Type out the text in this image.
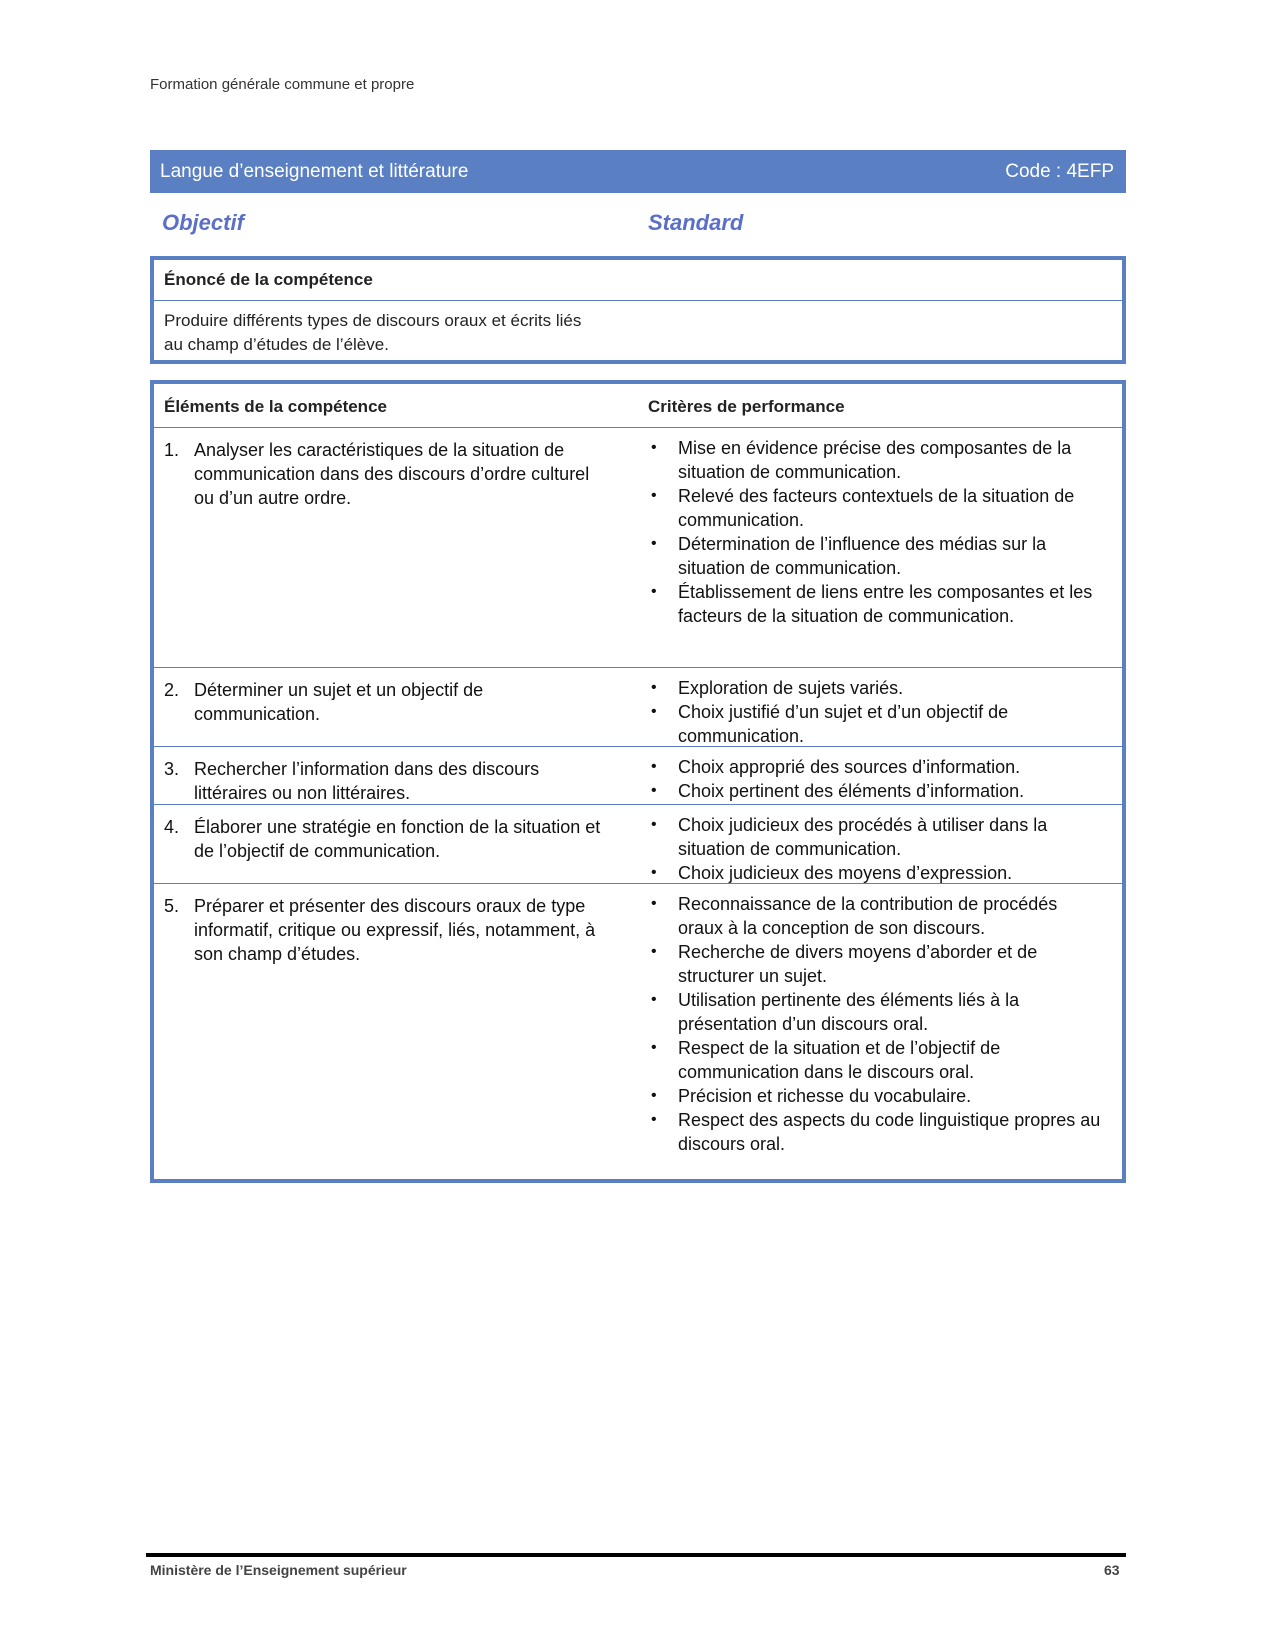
Formation générale commune et propre
Langue d’enseignement et littérature	Code : 4EFP
Objectif	Standard
Énoncé de la compétence
Produire différents types de discours oraux et écrits liés au champ d’études de l’élève.
Éléments de la compétence	Critères de performance
1. Analyser les caractéristiques de la situation de communication dans des discours d’ordre culturel ou d’un autre ordre.
• Mise en évidence précise des composantes de la situation de communication.
• Relevé des facteurs contextuels de la situation de communication.
• Détermination de l’influence des médias sur la situation de communication.
• Établissement de liens entre les composantes et les facteurs de la situation de communication.
2. Déterminer un sujet et un objectif de communication.
• Exploration de sujets variés.
• Choix justifié d’un sujet et d’un objectif de communication.
3. Rechercher l’information dans des discours littéraires ou non littéraires.
• Choix approprié des sources d’information.
• Choix pertinent des éléments d’information.
4. Élaborer une stratégie en fonction de la situation et de l’objectif de communication.
• Choix judicieux des procédés à utiliser dans la situation de communication.
• Choix judicieux des moyens d’expression.
5. Préparer et présenter des discours oraux de type informatif, critique ou expressif, liés, notamment, à son champ d’études.
• Reconnaissance de la contribution de procédés oraux à la conception de son discours.
• Recherche de divers moyens d’aborder et de structurer un sujet.
• Utilisation pertinente des éléments liés à la présentation d’un discours oral.
• Respect de la situation et de l’objectif de communication dans le discours oral.
• Précision et richesse du vocabulaire.
• Respect des aspects du code linguistique propres au discours oral.
Ministère de l’Enseignement supérieur	63
